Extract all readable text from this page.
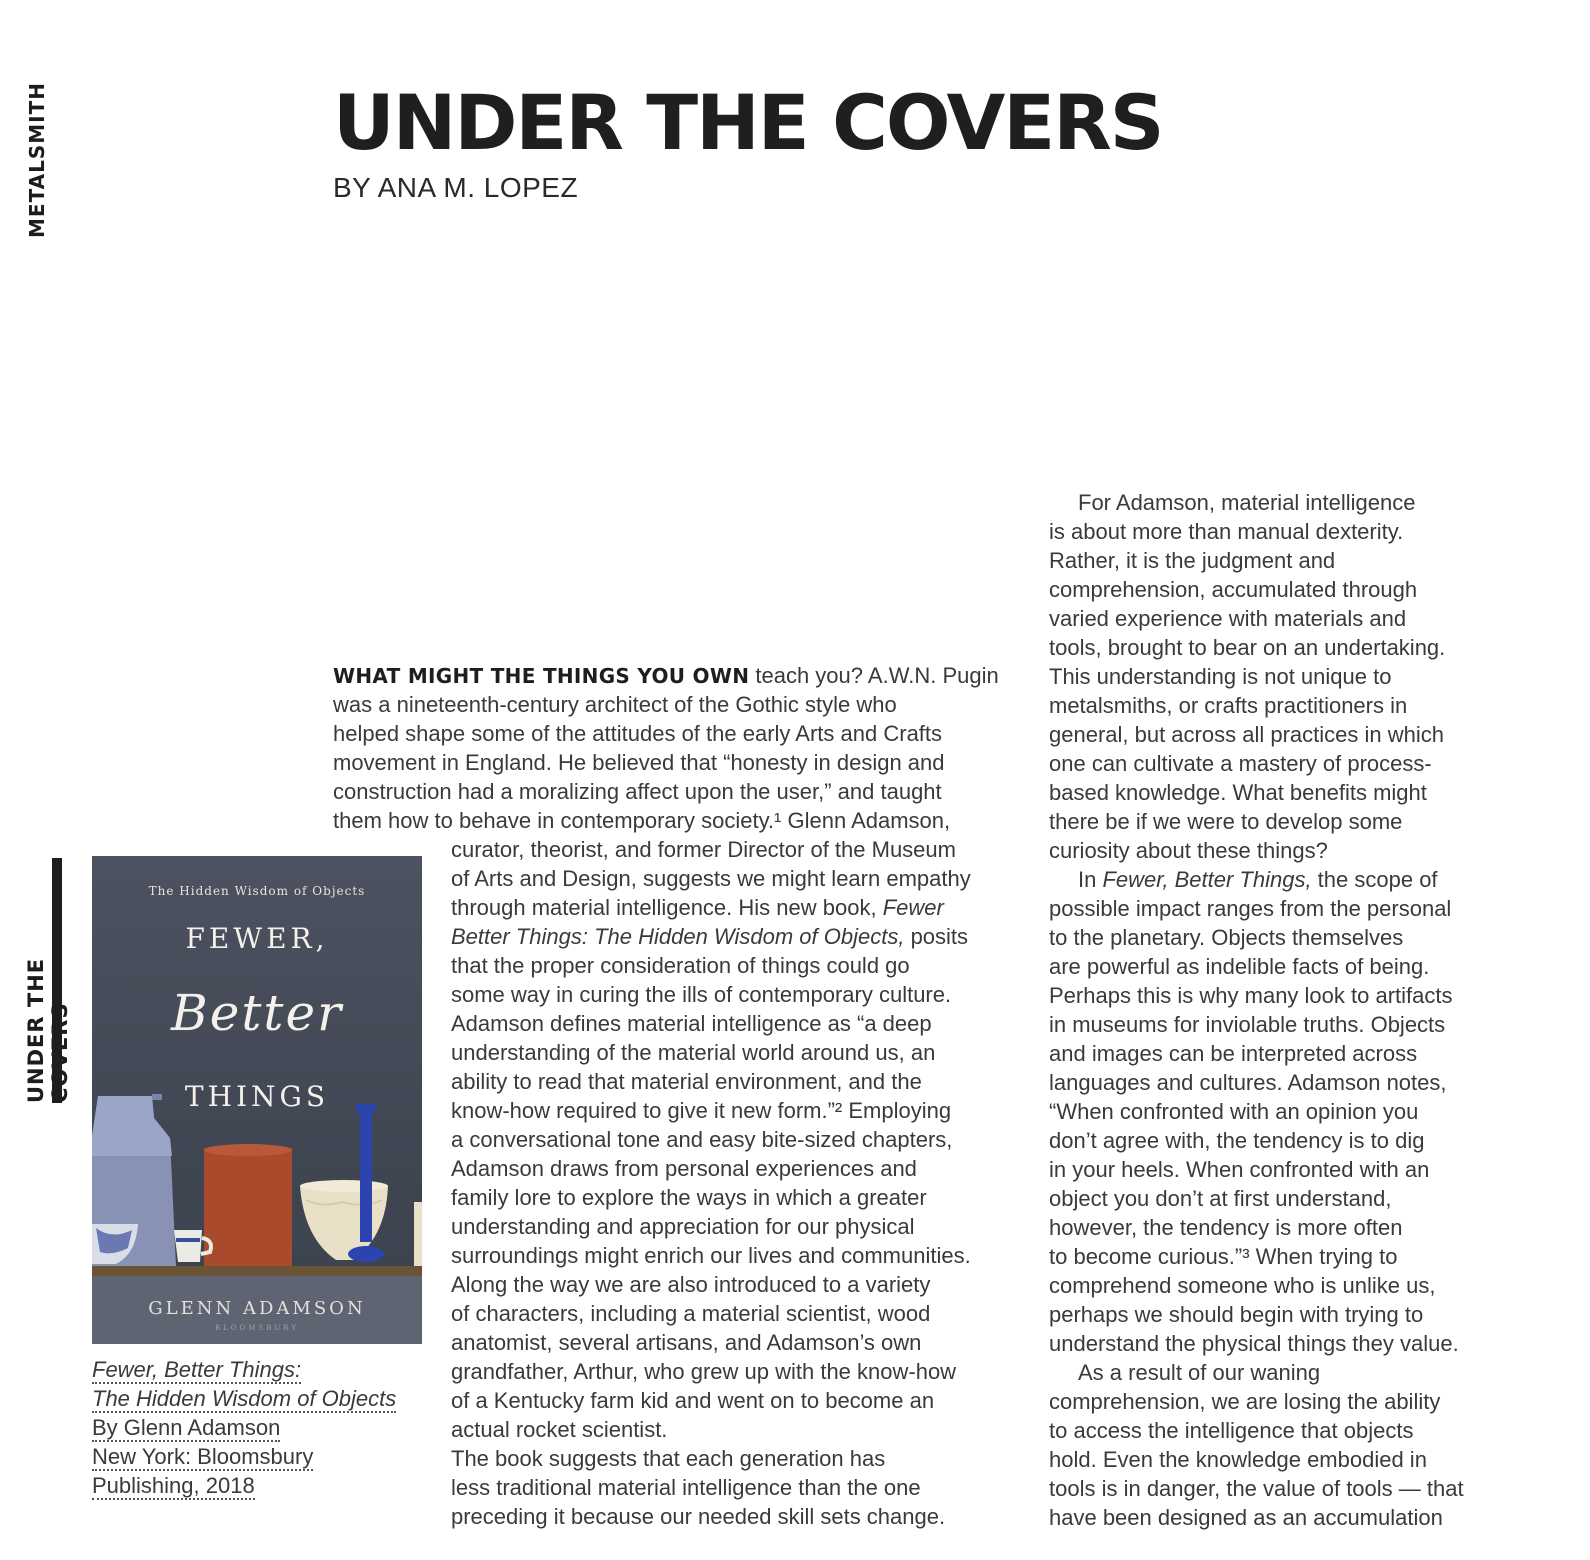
METALSMITH
UNDER THE
UNDER THE COVERS
BY ANA M. LOPEZ
The Hidden Wisdom of Objects
FEWER,
Better
THINGS
GLENN ADAMSON
BLOOMSBURY
Fewer, Better Things:
The Hidden Wisdom of Objects
By Glenn Adamson
New York: Bloomsbury
Publishing, 2018
WHAT MIGHT THE THINGS YOU OWN teach you? A.W.N. Pugin
was a nineteenth-century architect of the Gothic style who
helped shape some of the attitudes of the early Arts and Crafts
movement in England. He believed that “honesty in design and
construction had a moralizing affect upon the user,” and taught
them how to behave in contemporary society.¹ Glenn Adamson,
curator, theorist, and former Director of the Museum
of Arts and Design, suggests we might learn empathy
through material intelligence. His new book, Fewer
Better Things: The Hidden Wisdom of Objects, posits
that the proper consideration of things could go
some way in curing the ills of contemporary culture.
Adamson defines material intelligence as “a deep
understanding of the material world around us, an
ability to read that material environment, and the
know-how required to give it new form.”² Employing
a conversational tone and easy bite-sized chapters,
Adamson draws from personal experiences and
family lore to explore the ways in which a greater
understanding and appreciation for our physical
surroundings might enrich our lives and communities.
Along the way we are also introduced to a variety
of characters, including a material scientist, wood
anatomist, several artisans, and Adamson’s own
grandfather, Arthur, who grew up with the know-how
of a Kentucky farm kid and went on to become an
actual rocket scientist.
The book suggests that each generation has
less traditional material intelligence than the one
preceding it because our needed skill sets change.
For Adamson, material intelligence
is about more than manual dexterity.
Rather, it is the judgment and
comprehension, accumulated through
varied experience with materials and
tools, brought to bear on an undertaking.
This understanding is not unique to
metalsmiths, or crafts practitioners in
general, but across all practices in which
one can cultivate a mastery of process-
based knowledge. What benefits might
there be if we were to develop some
curiosity about these things?
In Fewer, Better Things, the scope of
possible impact ranges from the personal
to the planetary. Objects themselves
are powerful as indelible facts of being.
Perhaps this is why many look to artifacts
in museums for inviolable truths. Objects
and images can be interpreted across
languages and cultures. Adamson notes,
“When confronted with an opinion you
don’t agree with, the tendency is to dig
in your heels. When confronted with an
object you don’t at first understand,
however, the tendency is more often
to become curious.”³ When trying to
comprehend someone who is unlike us,
perhaps we should begin with trying to
understand the physical things they value.
As a result of our waning
comprehension, we are losing the ability
to access the intelligence that objects
hold. Even the knowledge embodied in
tools is in danger, the value of tools — that
have been designed as an accumulation
